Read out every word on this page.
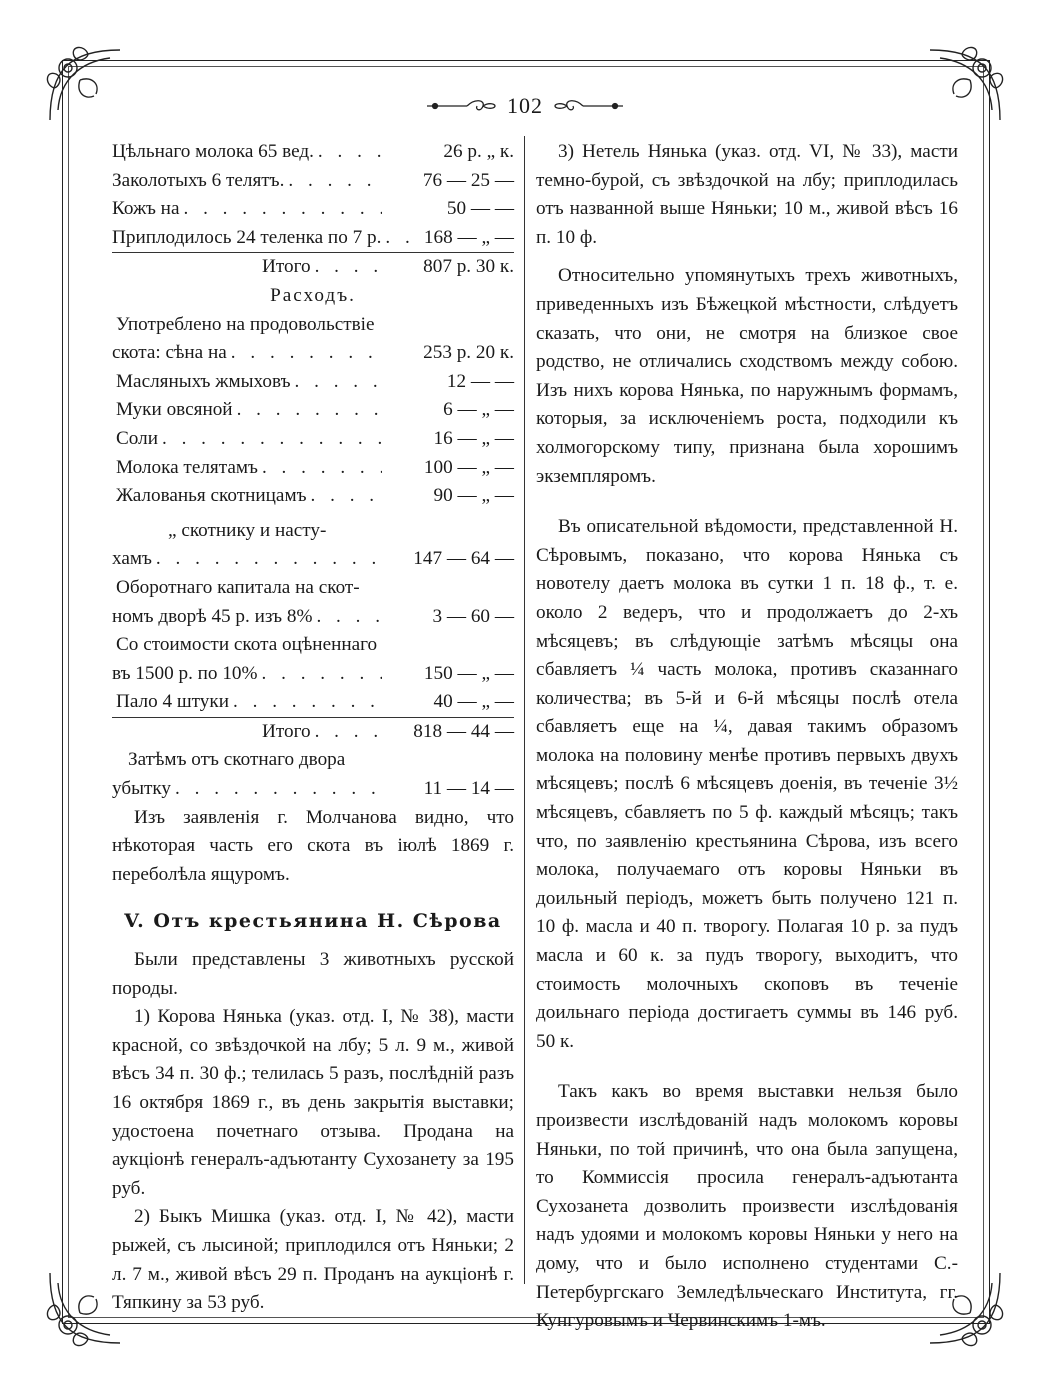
102
Цѣльнаго молока 65 вед. . . .	26 р. „ к.
Заколотыхъ 6 телятъ. . . .	76 — 25 —
Кожъ на . . .	50 — —
Приплодилось 24 теленка по 7 р. . . .	168 — „ —
Итого . . .	807 р. 30 к.
Расходъ.
Употреблено на продовольствіе
скота: сѣна на . . .	253 р. 20 к.
Масляныхъ жмыховъ . . .	12 — —
Муки овсяной . . .	6 — „ —
Соли . . .	16 — „ —
Молока телятамъ . . .	100 — „ —
Жалованья скотницамъ . . .	90 — „ —
„ скотнику и насту-
хамъ . . .	147 — 64 —
Оборотнаго капитала на скот-
номъ дворѣ 45 р. изъ 8% . . .	3 — 60 —
Со стоимости скота оцѣненнаго
въ 1500 р. по 10% . . .	150 — „ —
Пало 4 штуки . . .	40 — „ —
Итого . . .	818 — 44 —
Затѣмъ отъ скотнаго двора
убытку . . .	11 — 14 —

Изъ заявленія г. Молчанова видно, что нѣкоторая часть его скота въ іюлѣ 1869 г. переболѣла ящуромъ.

V. Отъ крестьянина Н. Сѣрова

Были представлены 3 животныхъ русской породы.

1) Корова Нянька (указ. отд. I, № 38), масти красной, со звѣздочкой на лбу; 5 л. 9 м., живой вѣсъ 34 п. 30 ф.; телилась 5 разъ, послѣдній разъ 16 октября 1869 г., въ день закрытія выставки; удостоена почетнаго отзыва. Продана на аукціонѣ генералъ-адъютанту Сухозанету за 195 руб.

2) Быкъ Мишка (указ. отд. I, № 42), масти рыжей, съ лысиной; приплодился отъ Няньки; 2 л. 7 м., живой вѣсъ 29 п. Проданъ на аукціонѣ г. Тяпкину за 53 руб.

3) Нетель Нянька (указ. отд. VI, № 33), масти темно-бурой, съ звѣздочкой на лбу; приплодилась отъ названной выше Няньки; 10 м., живой вѣсъ 16 п. 10 ф.

Относительно упомянутыхъ трехъ животныхъ, приведенныхъ изъ Бѣжецкой мѣстности, слѣдуетъ сказать, что они, не смотря на близкое свое родство, не отличались сходствомъ между собою. Изъ нихъ корова Нянька, по наружнымъ формамъ, которыя, за исключеніемъ роста, подходили къ холмогорскому типу, признана была хорошимъ экземпляромъ.

Въ описательной вѣдомости, представленной Н. Сѣровымъ, показано, что корова Нянька съ новотелу даетъ молока въ сутки 1 п. 18 ф., т. е. около 2 ведеръ, что и продолжаетъ до 2-хъ мѣсяцевъ; въ слѣдующіе затѣмъ мѣсяцы она сбавляетъ ¼ часть молока, противъ сказаннаго количества; въ 5-й и 6-й мѣсяцы послѣ отела сбавляетъ еще на ¼, давая такимъ образомъ молока на половину менѣе противъ первыхъ двухъ мѣсяцевъ; послѣ 6 мѣсяцевъ доенія, въ теченіе 3½ мѣсяцевъ, сбавляетъ по 5 ф. каждый мѣсяцъ; такъ что, по заявленію крестьянина Сѣрова, изъ всего молока, получаемаго отъ коровы Няньки въ доильный періодъ, можетъ быть получено 121 п. 10 ф. масла и 40 п. творогу. Полагая 10 р. за пудъ масла и 60 к. за пудъ творогу, выходитъ, что стоимость молочныхъ скоповъ въ теченіе доильнаго періода достигаетъ суммы въ 146 руб. 50 к.

Такъ какъ во время выставки нельзя было произвести изслѣдованій надъ молокомъ коровы Няньки, по той причинѣ, что она была запущена, то Коммиссія просила генералъ-адъютанта Сухозанета дозволить произвести изслѣдованія надъ удоями и молокомъ коровы Няньки у него на дому, что и было исполнено студентами С.-Петербургскаго Земледѣльческаго Института, гг. Кунгуровымъ и Червинскимъ 1-мъ.
